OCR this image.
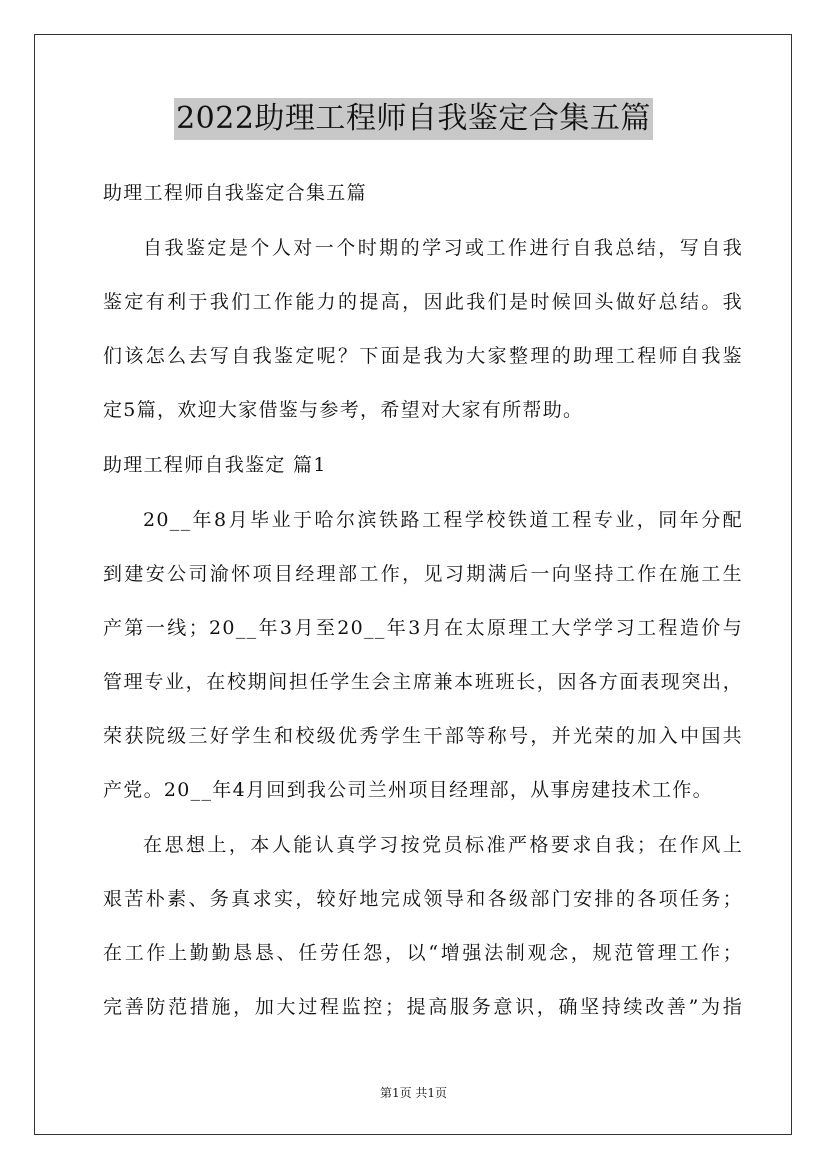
2022助理工程师自我鉴定合集五篇
助理工程师自我鉴定合集五篇
自我鉴定是个人对一个时期的学习或工作进行自我总结，写自我
鉴定有利于我们工作能力的提高，因此我们是时候回头做好总结。我
们该怎么去写自我鉴定呢？下面是我为大家整理的助理工程师自我鉴
定5篇，欢迎大家借鉴与参考，希望对大家有所帮助。
助理工程师自我鉴定 篇1
20__年8月毕业于哈尔滨铁路工程学校铁道工程专业，同年分配
到建安公司渝怀项目经理部工作，见习期满后一向坚持工作在施工生
产第一线；20__年3月至20__年3月在太原理工大学学习工程造价与
管理专业，在校期间担任学生会主席兼本班班长，因各方面表现突出，
荣获院级三好学生和校级优秀学生干部等称号，并光荣的加入中国共
产党。20__年4月回到我公司兰州项目经理部，从事房建技术工作。
在思想上，本人能认真学习按党员标准严格要求自我；在作风上
艰苦朴素、务真求实，较好地完成领导和各级部门安排的各项任务；
在工作上勤勤恳恳、任劳任怨，以“增强法制观念，规范管理工作；
完善防范措施，加大过程监控；提高服务意识，确坚持续改善”为指
第1页 共1页
